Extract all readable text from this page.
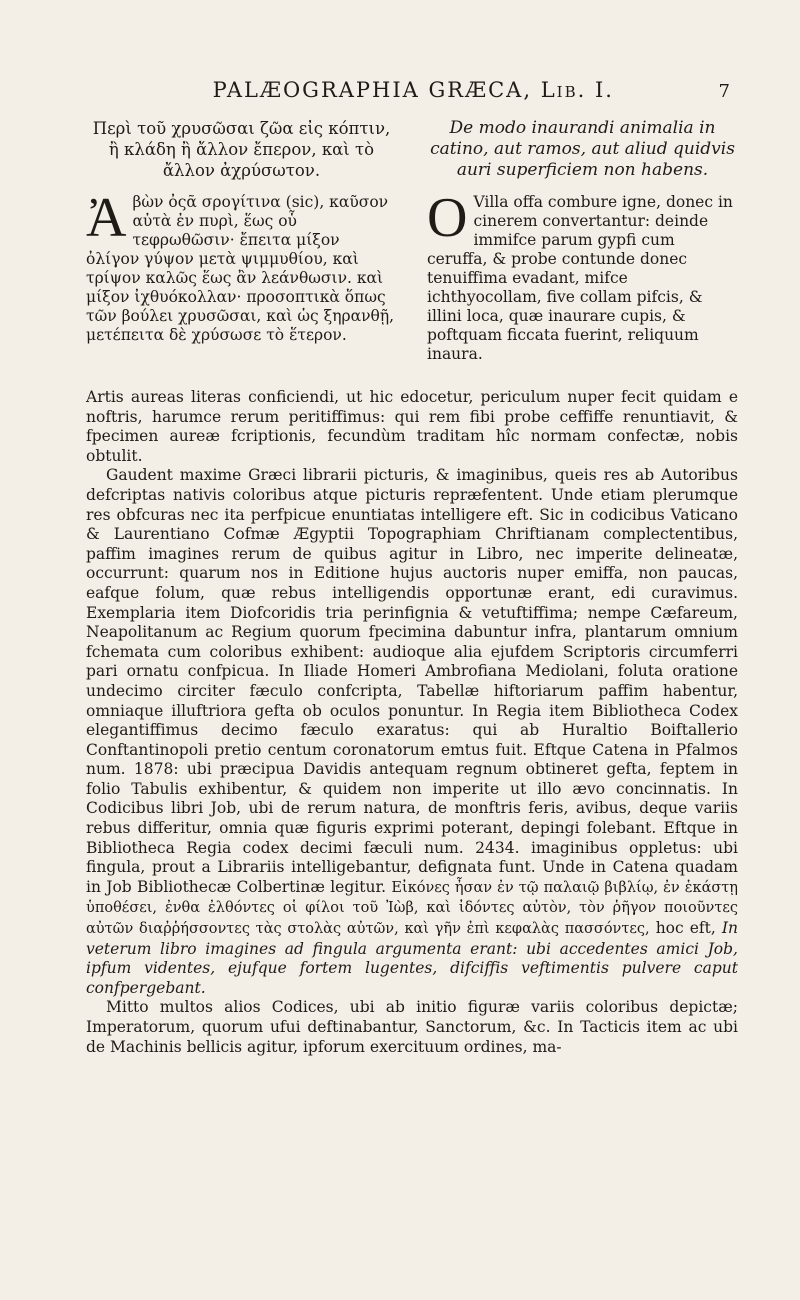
PALÆOGRAPHIA GRÆCA, Lib. I.	7
Περὶ τοῦ χρυσῶσαι ζῶα εἰς κόπτιν, ἢ κλάδη ἢ ἄλλον ἔπερον, καὶ τὸ ἄλλον ἀχρύσωτον.
Ἀβὼν ὀςᾶ σρογίτινα (sic), καῦσον αὐτὰ ἐν πυρὶ, ἕως οὗ τεφρωθῶσιν· ἔπειτα μίξον ὀλίγον γύψον μετὰ ψιμμυθίου, καὶ τρίψον καλῶς ἕως ἂν λεάνθωσιν. καὶ μίξον ἰχθυόκολλαν· προσοπτικὰ ὅπως τῶν βούλει χρυσῶσαι, καὶ ὡς ξηρανθῇ, μετέπειτα δὲ χρύσωσε τὸ ἕτερον.
De modo inaurandi animalia in catino, aut ramos, aut aliud quidvis auri superficiem non habens.
O Villa offa combure igne, donec in cinerem convertantur: deinde immifce parum gypfi cum ceruffa, & probe contunde donec tenuiffima evadant, mifce ichthyocollam, five collam pifcis, & illini loca, quæ inaurare cupis, & poftquam ficcata fuerint, reliquum inaura.

Artis aureas literas conficiendi, ut hic edocetur, periculum nuper fecit quidam e noftris, harumce rerum peritiffimus: qui rem fibi probe ceffiffe renuntiavit, & fpecimen aureæ fcriptionis, fecundùm traditam hîc normam confectæ, nobis obtulit.

Gaudent maxime Græci librarii picturis, & imaginibus, queis res ab Autoribus defcriptas nativis coloribus atque picturis repræfentent. Unde etiam plerumque res obfcuras nec ita perfpicue enuntiatas intelligere eft. Sic in codicibus Vaticano & Laurentiano Cofmæ Ægyptii Topographiam Chriftianam complectentibus, paffim imagines rerum de quibus agitur in Libro, nec imperite delineatæ, occurrunt: quarum nos in Editione hujus auctoris nuper emiffa, non paucas, eafque folum, quæ rebus intelligendis opportunæ erant, edi curavimus. Exemplaria item Diofcoridis tria perinfignia & vetuftiffima; nempe Cæfareum, Neapolitanum ac Regium quorum fpecimina dabuntur infra, plantarum omnium fchemata cum coloribus exhibent: audioque alia ejufdem Scriptoris circumferri pari ornatu confpicua. In Iliade Homeri Ambrofiana Mediolani, foluta oratione undecimo circiter fæculo confcripta, Tabellæ hiftoriarum paffim habentur, omniaque illuftriora gefta ob oculos ponuntur. In Regia item Bibliotheca Codex elegantiffimus decimo fæculo exaratus: qui ab Huraltio Boiftallerio Conftantinopoli pretio centum coronatorum emtus fuit. Eftque Catena in Pfalmos num. 1878: ubi præcipua Davidis antequam regnum obtineret gefta, feptem in folio Tabulis exhibentur, & quidem non imperite ut illo ævo concinnatis. In Codicibus libri Job, ubi de rerum natura, de monftris feris, avibus, deque variis rebus differitur, omnia quæ figuris exprimi poterant, depingi folebant. Eftque in Bibliotheca Regia codex decimi fæculi num. 2434. imaginibus oppletus: ubi fingula, prout a Librariis intelligebantur, defignata funt. Unde in Catena quadam in Job Bibliothecæ Colbertinæ legitur. Εἰκόνες ἦσαν ἐν τῷ παλαιῷ βιβλίῳ, ἐν ἑκάστῃ ὑποθέσει, ἐνθα ἐλθόντες οἱ φίλοι τοῦ Ἰὼβ, καὶ ἰδόντες αὐτὸν, τὸν ῥῆγον ποιοῦντες αὐτῶν διαῤῥήσσοντες τὰς στολὰς αὐτῶν, καὶ γῆν ἐπὶ κεφαλὰς πασσόντες, hoc eft, In veterum libro imagines ad fingula argumenta erant: ubi accedentes amici Job, ipfum videntes, ejufque fortem lugentes, difciffis veftimentis pulvere caput confpergebant.

Mitto multos alios Codices, ubi ab initio figuræ variis coloribus depictæ; Imperatorum, quorum ufui deftinabantur, Sanctorum, &c. In Tacticis item ac ubi de Machinis bellicis agitur, ipforum exercituum ordines, ma-
